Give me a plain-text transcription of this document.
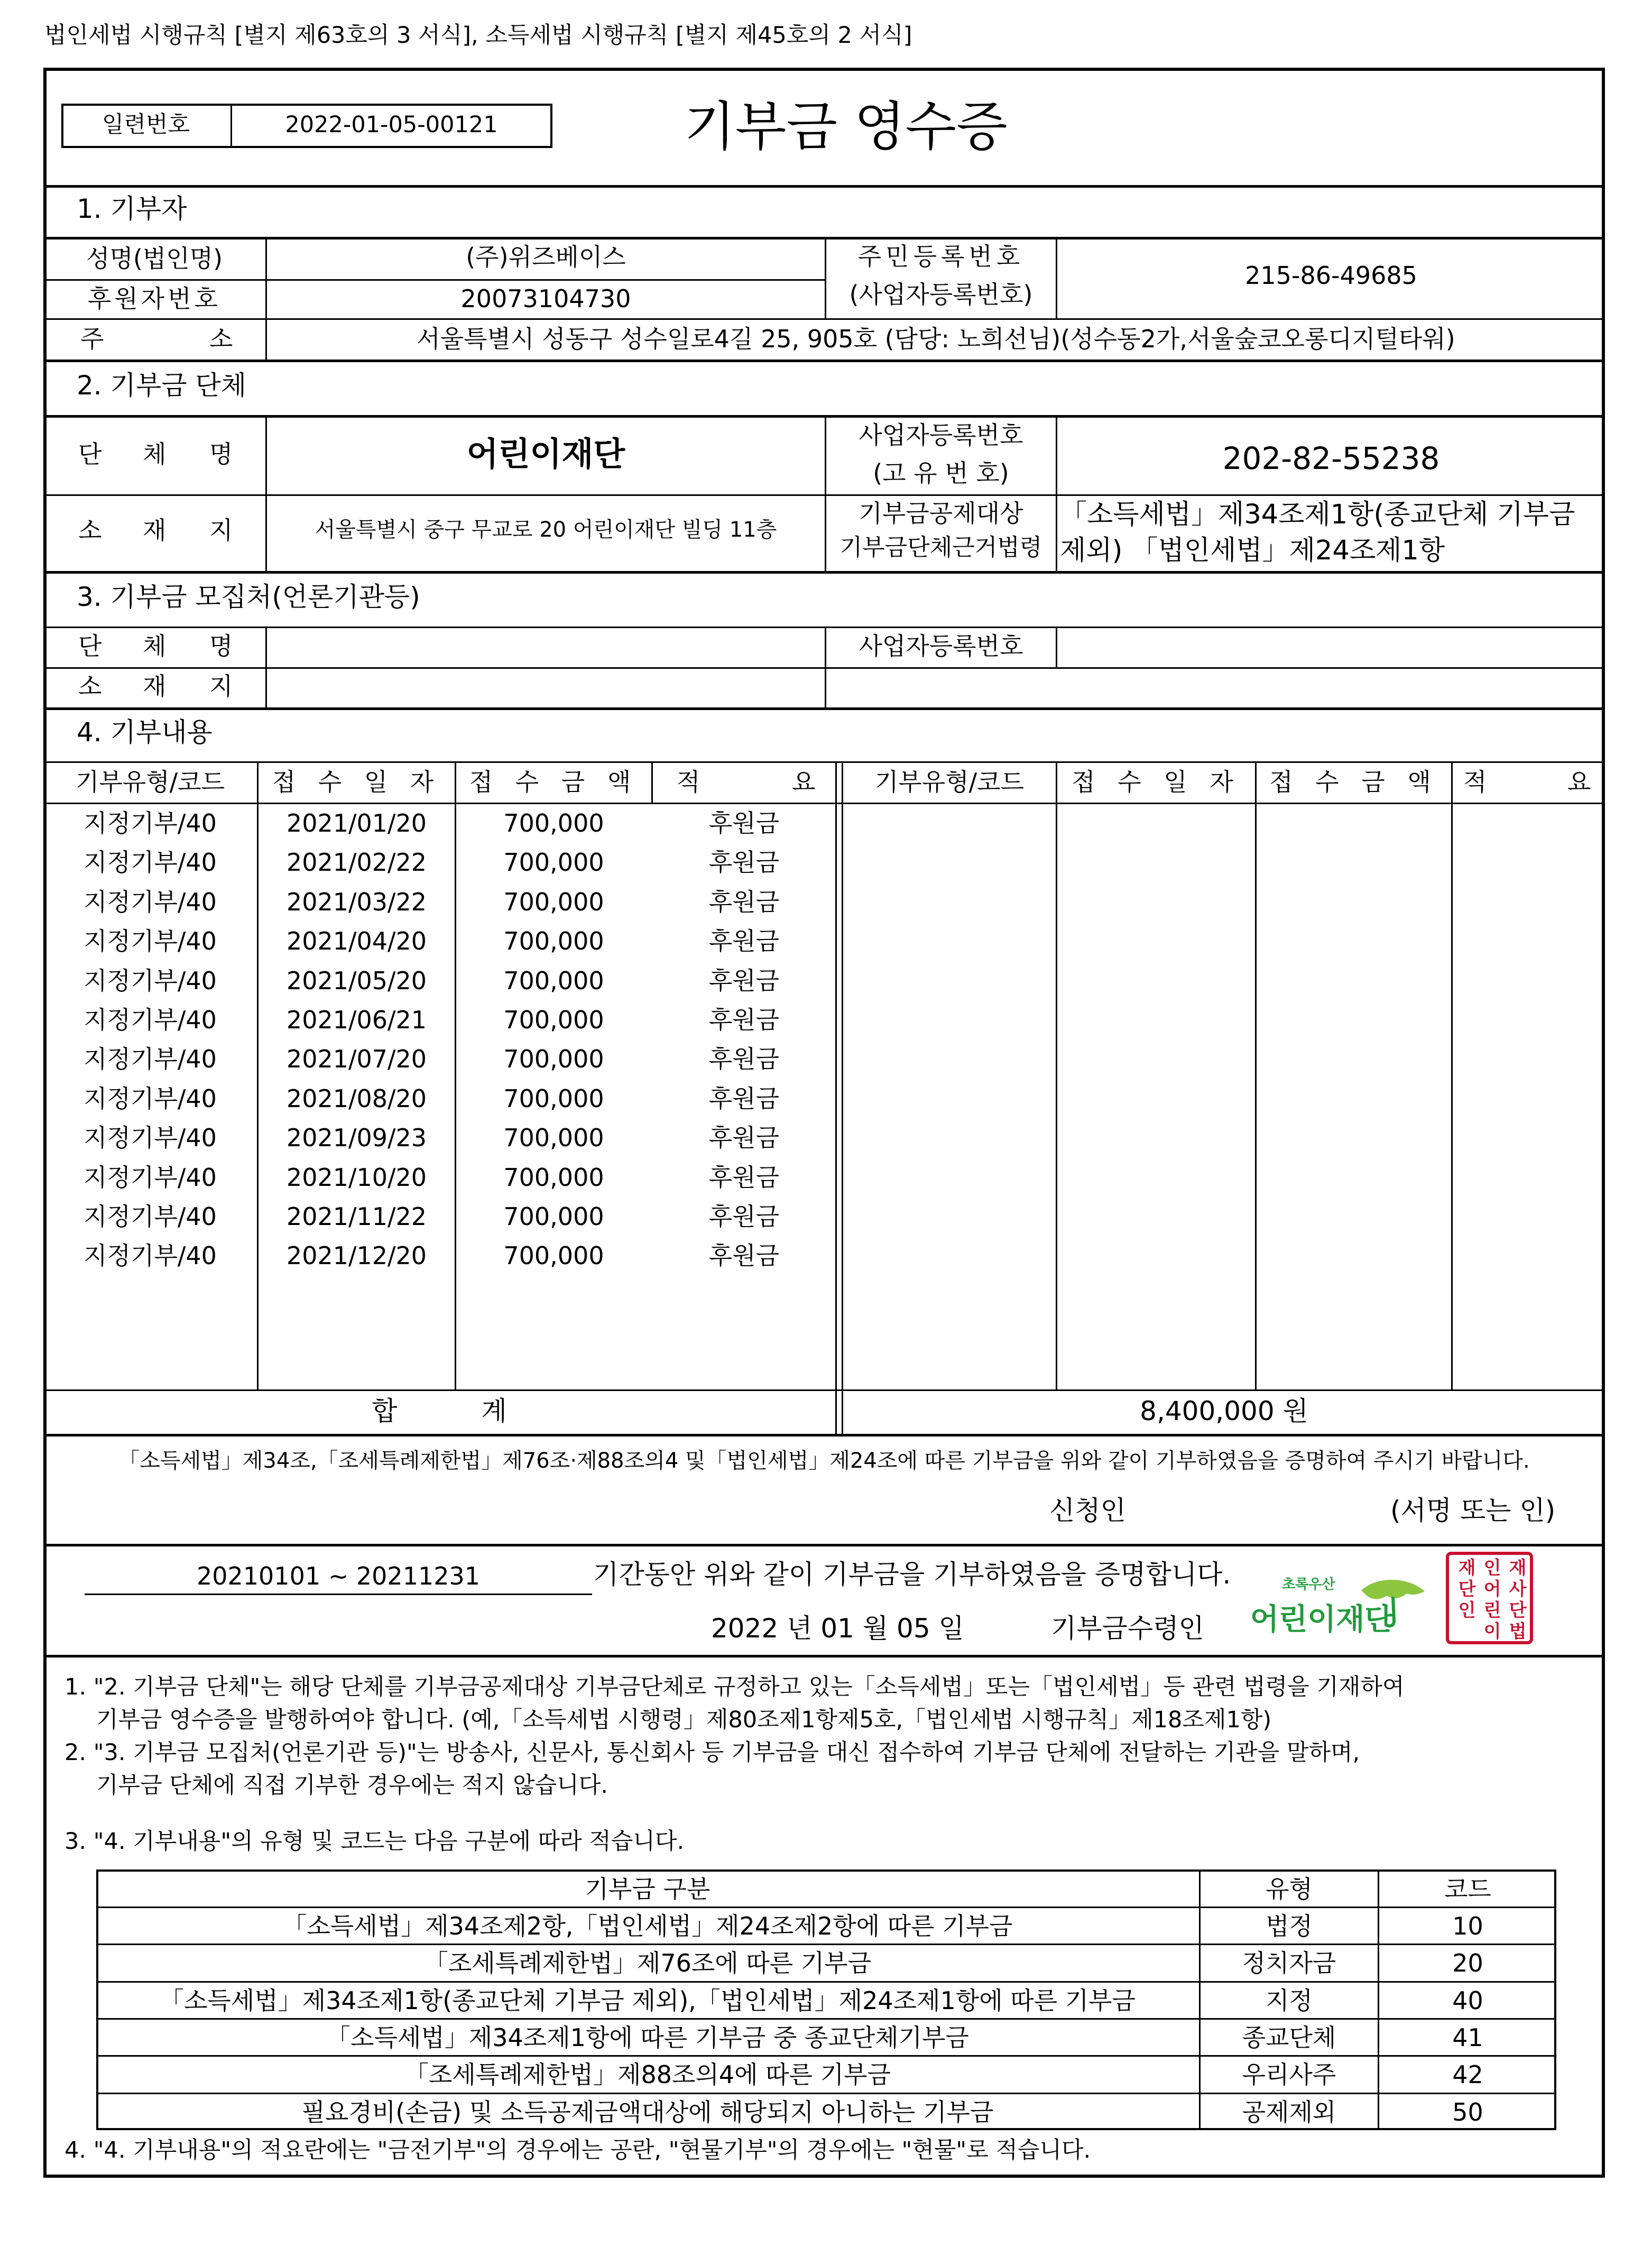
법인세법 시행규칙 [별지 제63호의 3 서식], 소득세법 시행규칙 [별지 제45호의 2 서식]
일련번호	2022-01-05-00121	기부금 영수증
1. 기부자
성명(법인명)	(주)위즈베이스
후원자번호	20073104730
주민등록번호
(사업자등록번호)
215-86-49685
주	소	서울특별시 성동구 성수일로4길 25, 905호 (담당: 노희선님)(성수동2가,서울숲코오롱디지털타워)
2. 기부금 단체
단 체 명	어린이재단	사업자등록번호
(고 유 번 호)	202-82-55238
소 재 지	서울특별시 중구 무교로 20 어린이재단 빌딩 11층
기부금공제대상
기부금단체근거법령
「소득세법」제34조제1항(종교단체 기부금
제외) 「법인세법」제24조제1항
3. 기부금 모집처(언론기관등)
단 체 명	사업자등록번호
소 재 지
4. 기부내용
기부유형/코드	접 수 일 자	접 수 금 액	적	요	기부유형/코드	접 수 일 자	접 수 금 액	적	요
지정기부/40	2021/01/20	700,000	후원금
지정기부/40	2021/02/22	700,000	후원금
지정기부/40	2021/03/22	700,000	후원금
지정기부/40	2021/04/20	700,000	후원금
지정기부/40	2021/05/20	700,000	후원금
지정기부/40	2021/06/21	700,000	후원금
지정기부/40	2021/07/20	700,000	후원금
지정기부/40	2021/08/20	700,000	후원금
지정기부/40	2021/09/23	700,000	후원금
지정기부/40	2021/10/20	700,000	후원금
지정기부/40	2021/11/22	700,000	후원금
지정기부/40	2021/12/20	700,000	후원금
합          계	8,400,000 원
「소득세법」제34조,「조세특례제한법」제76조·제88조의4 및「법인세법」제24조에 따른 기부금을 위와 같이 기부하였음을 증명하여 주시기 바랍니다.
신청인	(서명 또는 인)
20210101 ~ 20211231	기간동안 위와 같이 기부금을 기부하였음을 증명합니다.
2022 년 01 월 05 일	기부금수령인
초록우산
어린이재단
재
사
단
법
인
어
린
이
재
단
인
1. "2. 기부금 단체"는 해당 단체를 기부금공제대상 기부금단체로 규정하고 있는「소득세법」또는「법인세법」등 관련 법령을 기재하여
기부금 영수증을 발행하여야 합니다. (예,「소득세법 시행령」제80조제1항제5호,「법인세법 시행규칙」제18조제1항)
2. "3. 기부금 모집처(언론기관 등)"는 방송사, 신문사, 통신회사 등 기부금을 대신 접수하여 기부금 단체에 전달하는 기관을 말하며,
기부금 단체에 직접 기부한 경우에는 적지 않습니다.
3. "4. 기부내용"의 유형 및 코드는 다음 구분에 따라 적습니다.
기부금 구분	유형	코드
「소득세법」제34조제2항,「법인세법」제24조제2항에 따른 기부금	법정	10
「조세특례제한법」제76조에 따른 기부금	정치자금	20
「소득세법」제34조제1항(종교단체 기부금 제외),「법인세법」제24조제1항에 따른 기부금	지정	40
「소득세법」제34조제1항에 따른 기부금 중 종교단체기부금	종교단체	41
「조세특례제한법」제88조의4에 따른 기부금	우리사주	42
필요경비(손금) 및 소득공제금액대상에 해당되지 아니하는 기부금	공제제외	50
4. "4. 기부내용"의 적요란에는 "금전기부"의 경우에는 공란, "현물기부"의 경우에는 "현물"로 적습니다.
